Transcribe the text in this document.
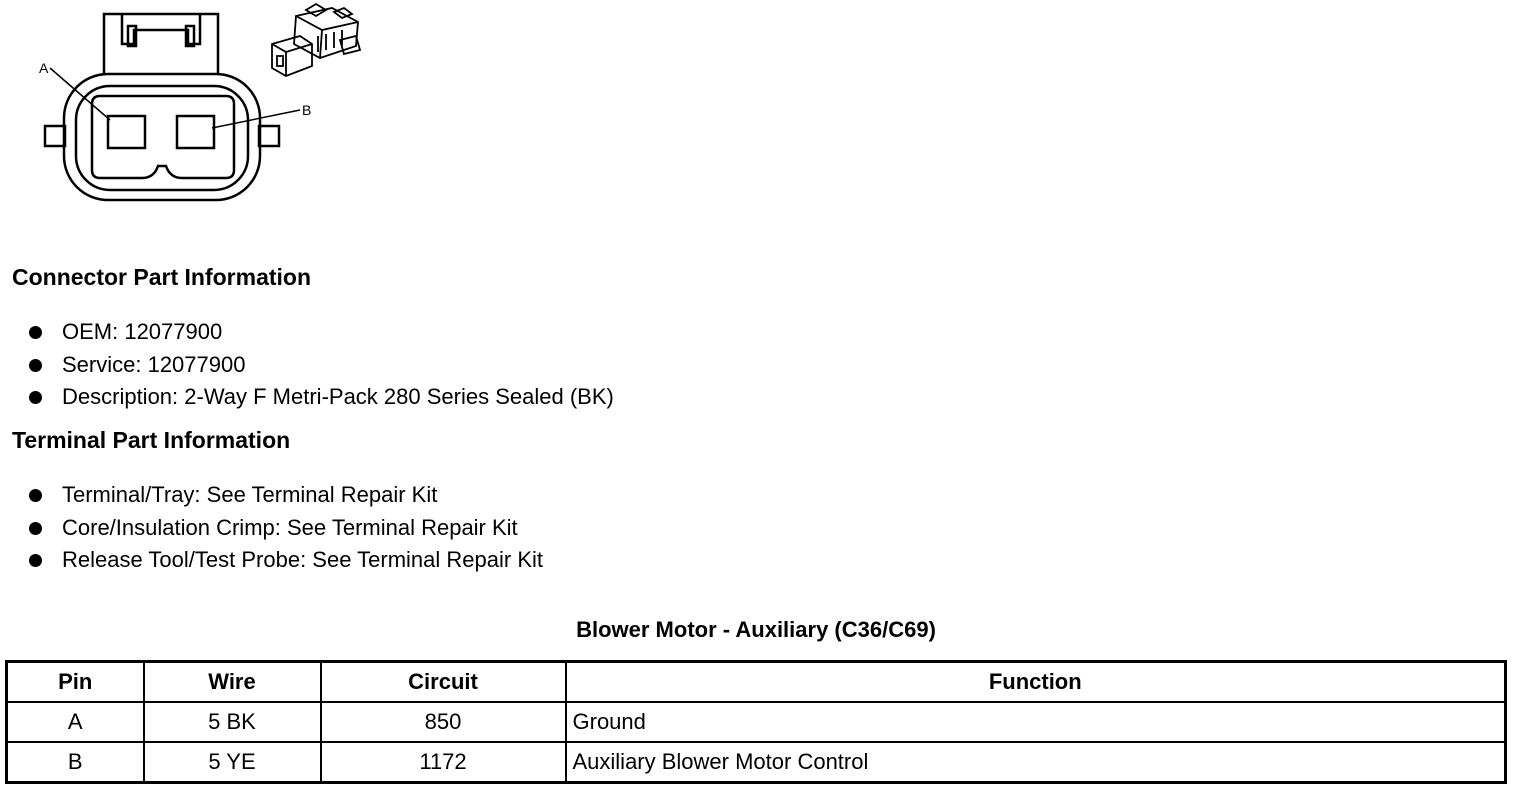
A
B
Connector Part Information
OEM: 12077900
Service: 12077900
Description: 2-Way F Metri-Pack 280 Series Sealed (BK)
Terminal Part Information
Terminal/Tray: See Terminal Repair Kit
Core/Insulation Crimp: See Terminal Repair Kit
Release Tool/Test Probe: See Terminal Repair Kit
Blower Motor - Auxiliary (C36/C69)
Pin	Wire	Circuit	Function
A	5 BK	850	Ground
B	5 YE	1172	Auxiliary Blower Motor Control
